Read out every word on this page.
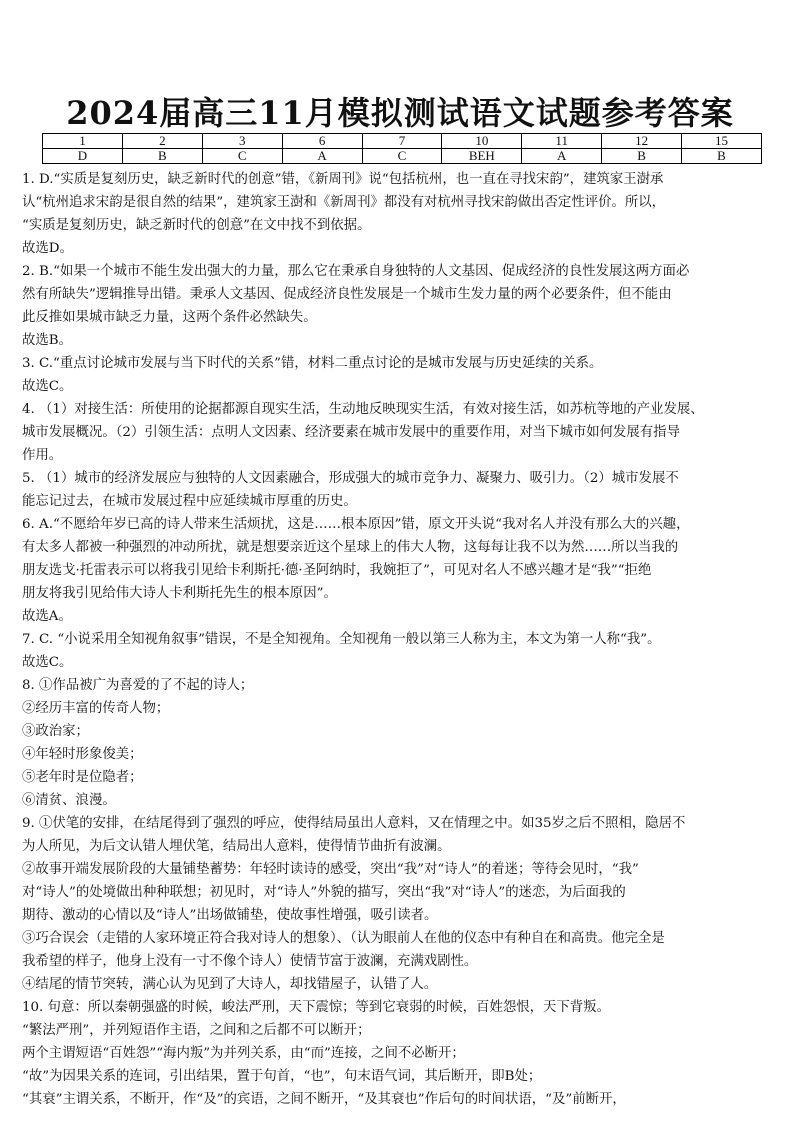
2024届高三11月模拟测试语文试题参考答案
1	2	3	6	7	10	11	12	15
D	B	C	A	C	BEH	A	B	B

1. D.“实质是复刻历史，缺乏新时代的创意”错，《新周刊》说“包括杭州，也一直在寻找宋韵”，建筑家王澍承

认“杭州追求宋韵是很自然的结果”，建筑家王澍和《新周刊》都没有对杭州寻找宋韵做出否定性评价。所以，

“实质是复刻历史，缺乏新时代的创意”在文中找不到依据。

故选D。

2. B.“如果一个城市不能生发出强大的力量，那么它在秉承自身独特的人文基因、促成经济的良性发展这两方面必

然有所缺失”逻辑推导出错。秉承人文基因、促成经济良性发展是一个城市生发力量的两个必要条件，但不能由

此反推如果城市缺乏力量，这两个条件必然缺失。

故选B。

3. C.“重点讨论城市发展与当下时代的关系”错，材料二重点讨论的是城市发展与历史延续的关系。

故选C。

4. （1）对接生活：所使用的论据都源自现实生活，生动地反映现实生活，有效对接生活，如苏杭等地的产业发展、

城市发展概况。（2）引领生活：点明人文因素、经济要素在城市发展中的重要作用，对当下城市如何发展有指导

作用。

5. （1）城市的经济发展应与独特的人文因素融合，形成强大的城市竞争力、凝聚力、吸引力。（2）城市发展不

能忘记过去，在城市发展过程中应延续城市厚重的历史。

6. A.“不愿给年岁已高的诗人带来生活烦扰，这是……根本原因”错，原文开头说“我对名人并没有那么大的兴趣，

有太多人都被一种强烈的冲动所扰，就是想要亲近这个星球上的伟大人物，这每每让我不以为然……所以当我的

朋友选戈·托雷表示可以将我引见给卡利斯托·德·圣阿纳时，我婉拒了”，可见对名人不感兴趣才是“我”“拒绝

朋友将我引见给伟大诗人卡利斯托先生的根本原因”。

故选A。

7. C. “小说采用全知视角叙事”错误，不是全知视角。全知视角一般以第三人称为主，本文为第一人称“我”。

故选C。

8. ①作品被广为喜爱的了不起的诗人；

②经历丰富的传奇人物；

③政治家；

④年轻时形象俊美；

⑤老年时是位隐者；

⑥清贫、浪漫。

9. ①伏笔的安排，在结尾得到了强烈的呼应，使得结局虽出人意料，又在情理之中。如35岁之后不照相，隐居不

为人所见，为后文认错人埋伏笔，结局出人意料，使得情节曲折有波澜。

②故事开端发展阶段的大量铺垫蓄势：年轻时读诗的感受，突出“我”对“诗人”的着迷；等待会见时，“我”

对“诗人”的处境做出种种联想；初见时，对“诗人”外貌的描写，突出“我”对“诗人”的迷恋，为后面我的

期待、激动的心情以及“诗人”出场做铺垫，使故事性增强，吸引读者。

③巧合误会（走错的人家环境正符合我对诗人的想象）、（认为眼前人在他的仪态中有种自在和高贵。他完全是

我希望的样子，他身上没有一寸不像个诗人）使情节富于波澜，充满戏剧性。

④结尾的情节突转，满心认为见到了大诗人，却找错屋子，认错了人。

10. 句意：所以秦朝强盛的时候，峻法严刑，天下震惊；等到它衰弱的时候，百姓怨恨，天下背叛。

“繁法严刑”，并列短语作主语，之间和之后都不可以断开；

两个主谓短语“百姓怨”“海内叛”为并列关系，由“而”连接，之间不必断开；

“故”为因果关系的连词，引出结果，置于句首，“也”，句末语气词，其后断开，即B处；

“其衰”主谓关系，不断开，作“及”的宾语，之间不断开，“及其衰也”作后句的时间状语，“及”前断开，
